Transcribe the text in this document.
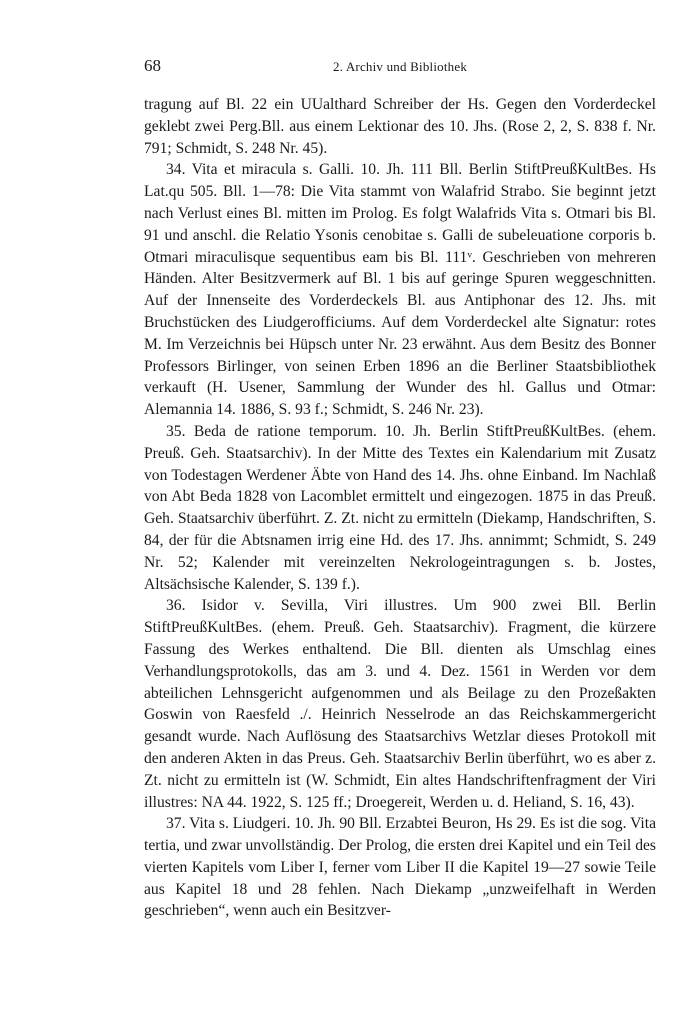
68	2. Archiv und Bibliothek

tragung auf Bl. 22 ein UUalthard Schreiber der Hs. Gegen den Vorderdeckel geklebt zwei Perg.Bll. aus einem Lektionar des 10. Jhs. (Rose 2, 2, S. 838 f. Nr. 791; Schmidt, S. 248 Nr. 45).

34. Vita et miracula s. Galli. 10. Jh. 111 Bll. Berlin StiftPreußKultBes. Hs Lat.qu 505. Bll. 1—78: Die Vita stammt von Walafrid Strabo. Sie beginnt jetzt nach Verlust eines Bl. mitten im Prolog. Es folgt Walafrids Vita s. Otmari bis Bl. 91 und anschl. die Relatio Ysonis cenobitae s. Galli de subeleuatione corporis b. Otmari miraculisque sequentibus eam bis Bl. 111ᵛ. Geschrieben von mehreren Händen. Alter Besitzvermerk auf Bl. 1 bis auf geringe Spuren weggeschnitten. Auf der Innenseite des Vorderdeckels Bl. aus Antiphonar des 12. Jhs. mit Bruchstücken des Liudgerofficiums. Auf dem Vorderdeckel alte Signatur: rotes M. Im Verzeichnis bei Hüpsch unter Nr. 23 erwähnt. Aus dem Besitz des Bonner Professors Birlinger, von seinen Erben 1896 an die Berliner Staatsbibliothek verkauft (H. Usener, Sammlung der Wunder des hl. Gallus und Otmar: Alemannia 14. 1886, S. 93 f.; Schmidt, S. 246 Nr. 23).

35. Beda de ratione temporum. 10. Jh. Berlin StiftPreußKultBes. (ehem. Preuß. Geh. Staatsarchiv). In der Mitte des Textes ein Kalendarium mit Zusatz von Todestagen Werdener Äbte von Hand des 14. Jhs. ohne Einband. Im Nachlaß von Abt Beda 1828 von Lacomblet ermittelt und eingezogen. 1875 in das Preuß. Geh. Staatsarchiv überführt. Z. Zt. nicht zu ermitteln (Diekamp, Handschriften, S. 84, der für die Abtsnamen irrig eine Hd. des 17. Jhs. annimmt; Schmidt, S. 249 Nr. 52; Kalender mit vereinzelten Nekrologeintragungen s. b. Jostes, Altsächsische Kalender, S. 139 f.).

36. Isidor v. Sevilla, Viri illustres. Um 900 zwei Bll. Berlin StiftPreußKultBes. (ehem. Preuß. Geh. Staatsarchiv). Fragment, die kürzere Fassung des Werkes enthaltend. Die Bll. dienten als Umschlag eines Verhandlungsprotokolls, das am 3. und 4. Dez. 1561 in Werden vor dem abteilichen Lehnsgericht aufgenommen und als Beilage zu den Prozeßakten Goswin von Raesfeld ./. Heinrich Nesselrode an das Reichskammergericht gesandt wurde. Nach Auflösung des Staatsarchivs Wetzlar dieses Protokoll mit den anderen Akten in das Preus. Geh. Staatsarchiv Berlin überführt, wo es aber z. Zt. nicht zu ermitteln ist (W. Schmidt, Ein altes Handschriftenfragment der Viri illustres: NA 44. 1922, S. 125 ff.; Droegereit, Werden u. d. Heliand, S. 16, 43).

37. Vita s. Liudgeri. 10. Jh. 90 Bll. Erzabtei Beuron, Hs 29. Es ist die sog. Vita tertia, und zwar unvollständig. Der Prolog, die ersten drei Kapitel und ein Teil des vierten Kapitels vom Liber I, ferner vom Liber II die Kapitel 19—27 sowie Teile aus Kapitel 18 und 28 fehlen. Nach Diekamp „unzweifelhaft in Werden geschrieben“, wenn auch ein Besitzver-
